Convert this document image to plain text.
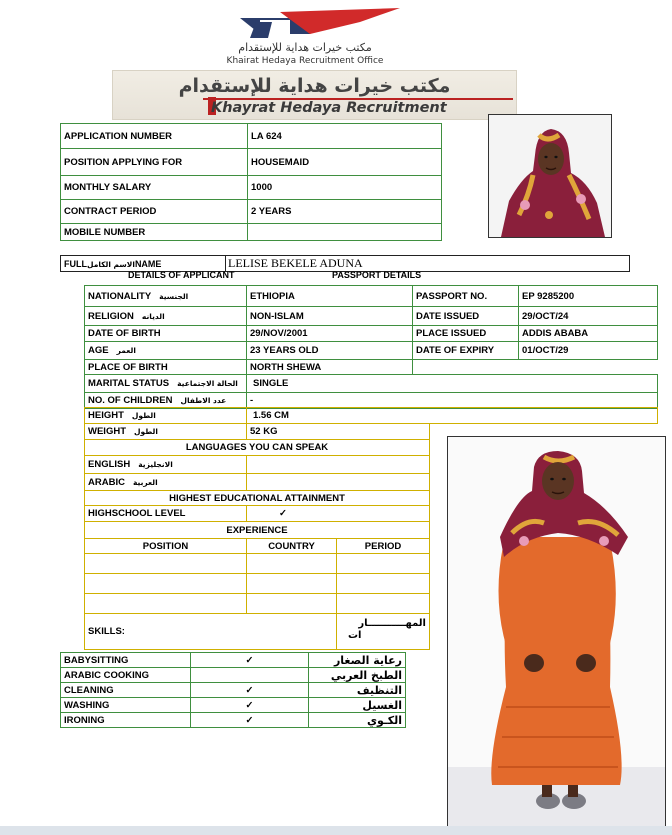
مكتب خيرات هداية للإستقدام
Khairat Hedaya Recruitment Office
مكتب خيرات هداية للإستقدام
Khayrat Hedaya Recruitment
APPLICATION NUMBER	LA 624
POSITION APPLYING FOR	HOUSEMAID
MONTHLY SALARY	1000
CONTRACT PERIOD	2 YEARS
MOBILE NUMBER	
FULLالاسم الكاملNAME	LELISE BEKELE ADUNA
DETAILS OF APPLICANT	PASSPORT DETAILS
NATIONALITY الجنسية	ETHIOPIA	PASSPORT NO.	EP 9285200
RELIGION الديانه	NON-ISLAM	DATE ISSUED	29/OCT/24
DATE OF BIRTH	29/NOV/2001	PLACE ISSUED	ADDIS ABABA
AGE العمر	23 YEARS OLD	DATE OF EXPIRY	01/OCT/29
PLACE OF BIRTH	NORTH SHEWA		
MARITAL STATUS الحالة الاجتماعية	SINGLE
NO. OF CHILDREN عدد الاطفال	-
HEIGHT الطول	1.56 CM
WEIGHT الطول	52 KG
LANGUAGES YOU CAN SPEAK	
ENGLISH الانجليزية	
ARABIC العربية	
HIGHEST EDUCATIONAL ATTAINMENT	
HIGHSCHOOL LEVEL	✓
EXPERIENCE		
POSITION	COUNTRY	PERIOD

SKILLS:		المهـــــــــــار
ات
BABYSITTING	✓	رعاية الصغار

ARABIC COOKING		الطبخ العربي

CLEANING	✓	التنظيف

WASHING	✓	الغسيل

IRONING	✓	الكـوي
